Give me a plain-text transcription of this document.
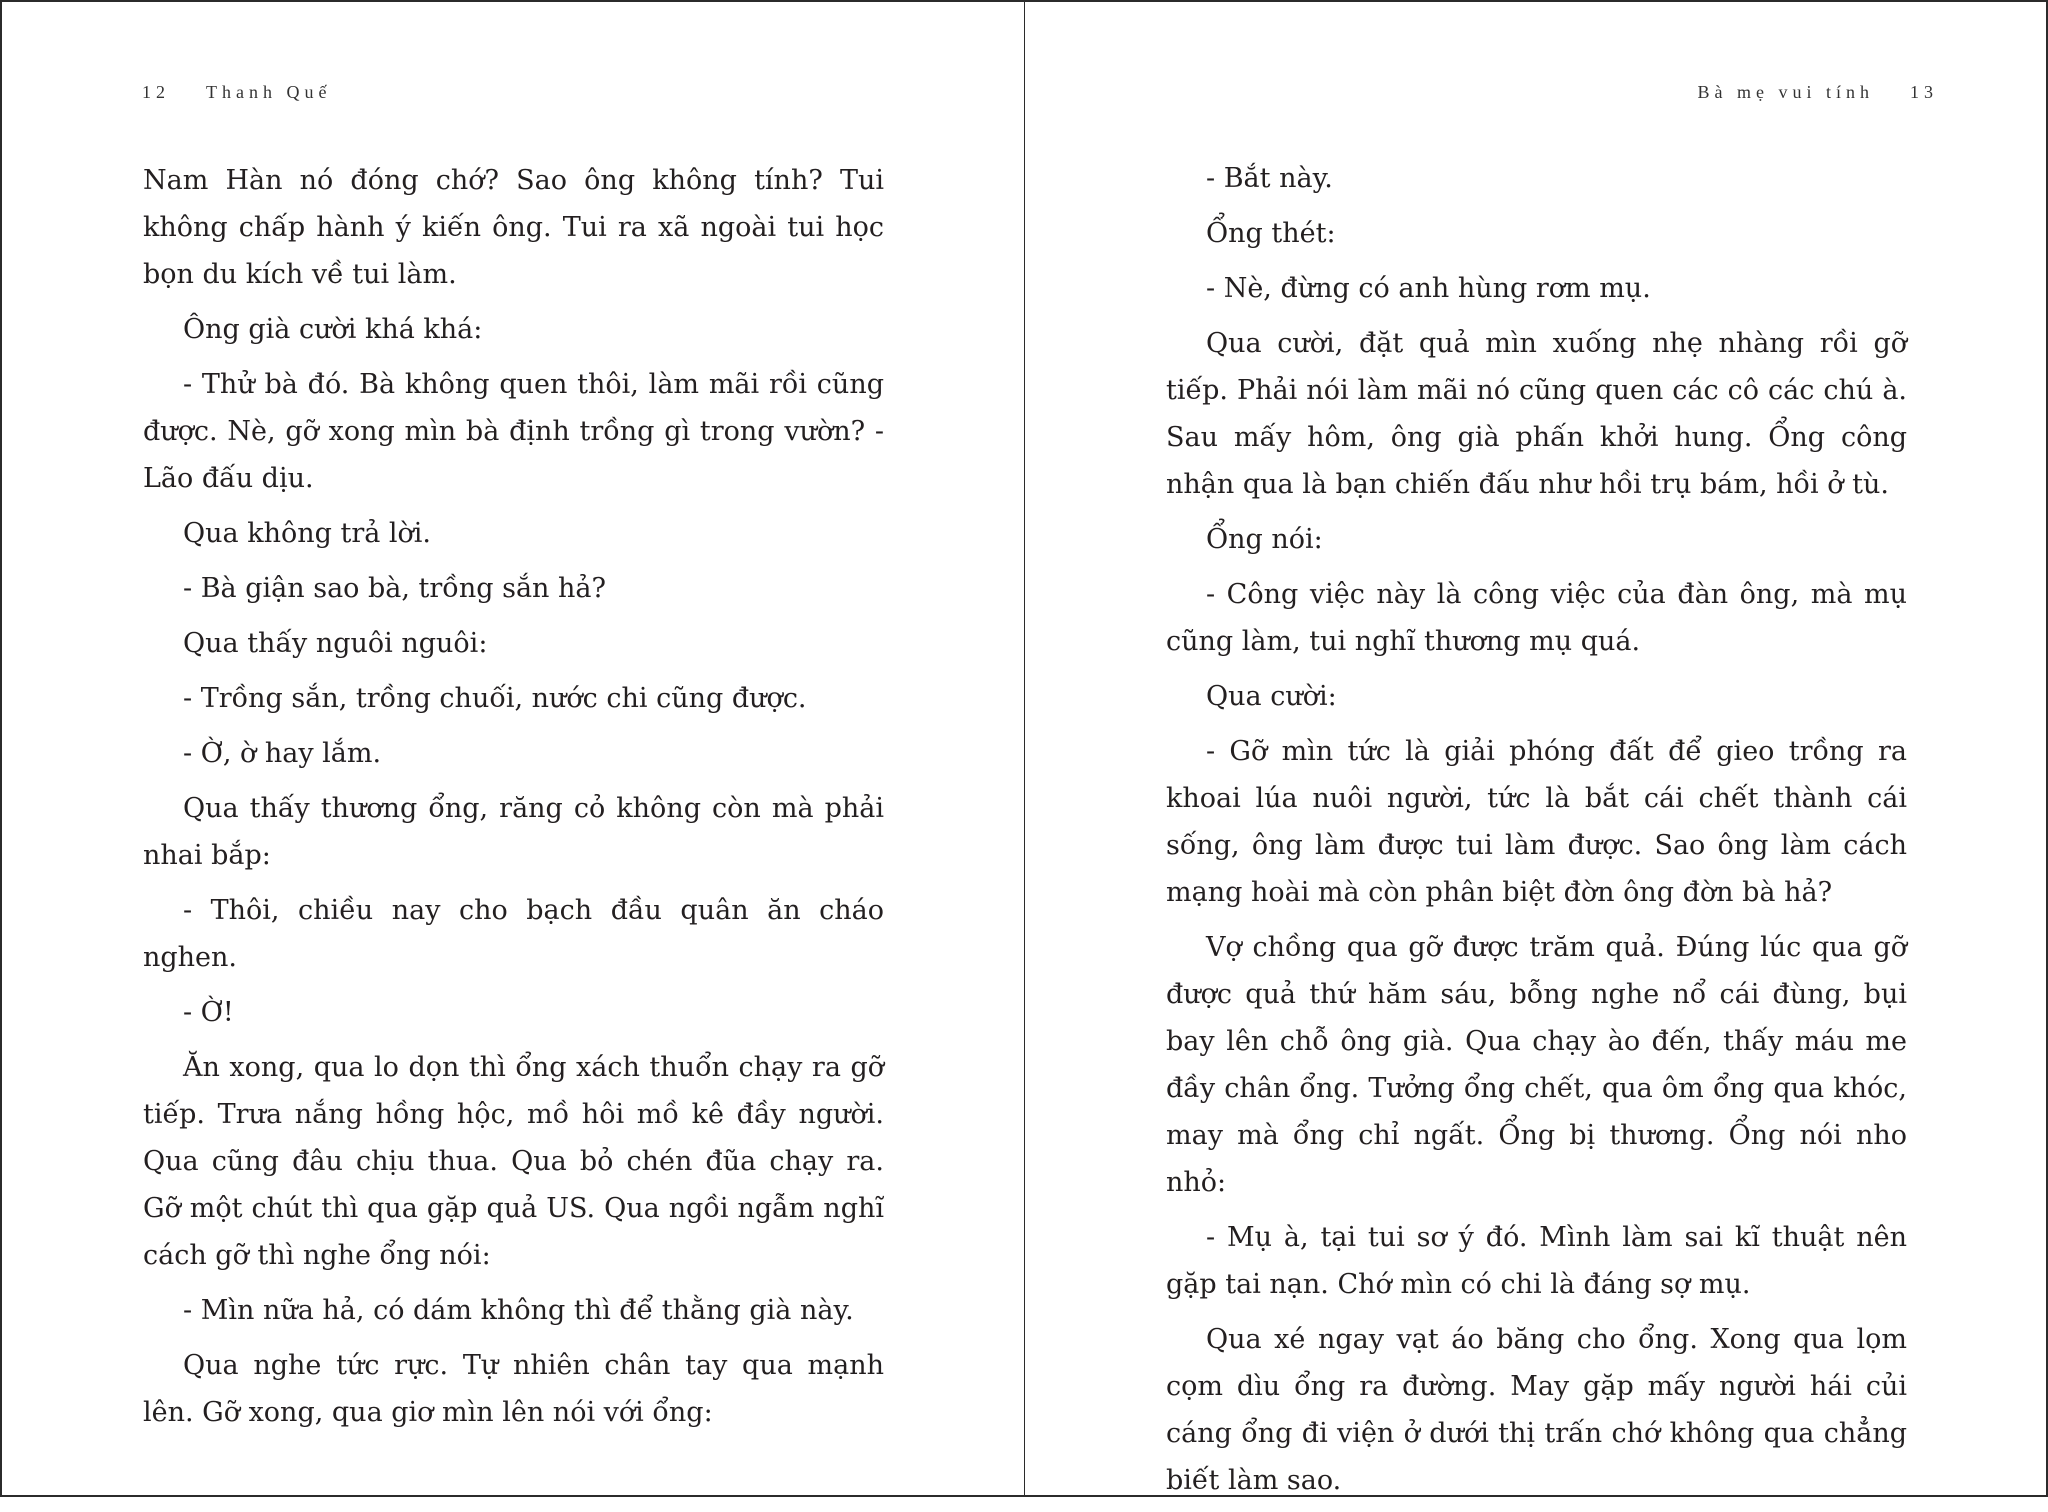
12 Thanh Quế

Nam Hàn nó đóng chớ? Sao ông không tính? Tui không chấp hành ý kiến ông. Tui ra xã ngoài tui học bọn du kích về tui làm.

Ông già cười khá khá:

- Thử bà đó. Bà không quen thôi, làm mãi rồi cũng được. Nè, gỡ xong mìn bà định trồng gì trong vườn? - Lão đấu dịu.

Qua không trả lời.

- Bà giận sao bà, trồng sắn hả?

Qua thấy nguôi nguôi:

- Trồng sắn, trồng chuối, nước chi cũng được.

- Ờ, ờ hay lắm.

Qua thấy thương ổng, răng cỏ không còn mà phải nhai bắp:

- Thôi, chiều nay cho bạch đầu quân ăn cháo nghen.

- Ờ!

Ăn xong, qua lo dọn thì ổng xách thuổn chạy ra gỡ tiếp. Trưa nắng hồng hộc, mồ hôi mồ kê đầy người. Qua cũng đâu chịu thua. Qua bỏ chén đũa chạy ra. Gỡ một chút thì qua gặp quả US. Qua ngồi ngẫm nghĩ cách gỡ thì nghe ổng nói:

- Mìn nữa hả, có dám không thì để thằng già này.

Qua nghe tức rực. Tự nhiên chân tay qua mạnh lên. Gỡ xong, qua giơ mìn lên nói với ổng:

Bà mẹ vui tính 13

- Bắt này.

Ổng thét:

- Nè, đừng có anh hùng rơm mụ.

Qua cười, đặt quả mìn xuống nhẹ nhàng rồi gỡ tiếp. Phải nói làm mãi nó cũng quen các cô các chú à. Sau mấy hôm, ông già phấn khởi hung. Ổng công nhận qua là bạn chiến đấu như hồi trụ bám, hồi ở tù.

Ổng nói:

- Công việc này là công việc của đàn ông, mà mụ cũng làm, tui nghĩ thương mụ quá.

Qua cười:

- Gỡ mìn tức là giải phóng đất để gieo trồng ra khoai lúa nuôi người, tức là bắt cái chết thành cái sống, ông làm được tui làm được. Sao ông làm cách mạng hoài mà còn phân biệt đờn ông đờn bà hả?

Vợ chồng qua gỡ được trăm quả. Đúng lúc qua gỡ được quả thứ hăm sáu, bỗng nghe nổ cái đùng, bụi bay lên chỗ ông già. Qua chạy ào đến, thấy máu me đầy chân ổng. Tưởng ổng chết, qua ôm ổng qua khóc, may mà ổng chỉ ngất. Ổng bị thương. Ổng nói nho nhỏ:

- Mụ à, tại tui sơ ý đó. Mình làm sai kĩ thuật nên gặp tai nạn. Chớ mìn có chi là đáng sợ mụ.

Qua xé ngay vạt áo băng cho ổng. Xong qua lọm cọm dìu ổng ra đường. May gặp mấy người hái củi cáng ổng đi viện ở dưới thị trấn chớ không qua chẳng biết làm sao.
